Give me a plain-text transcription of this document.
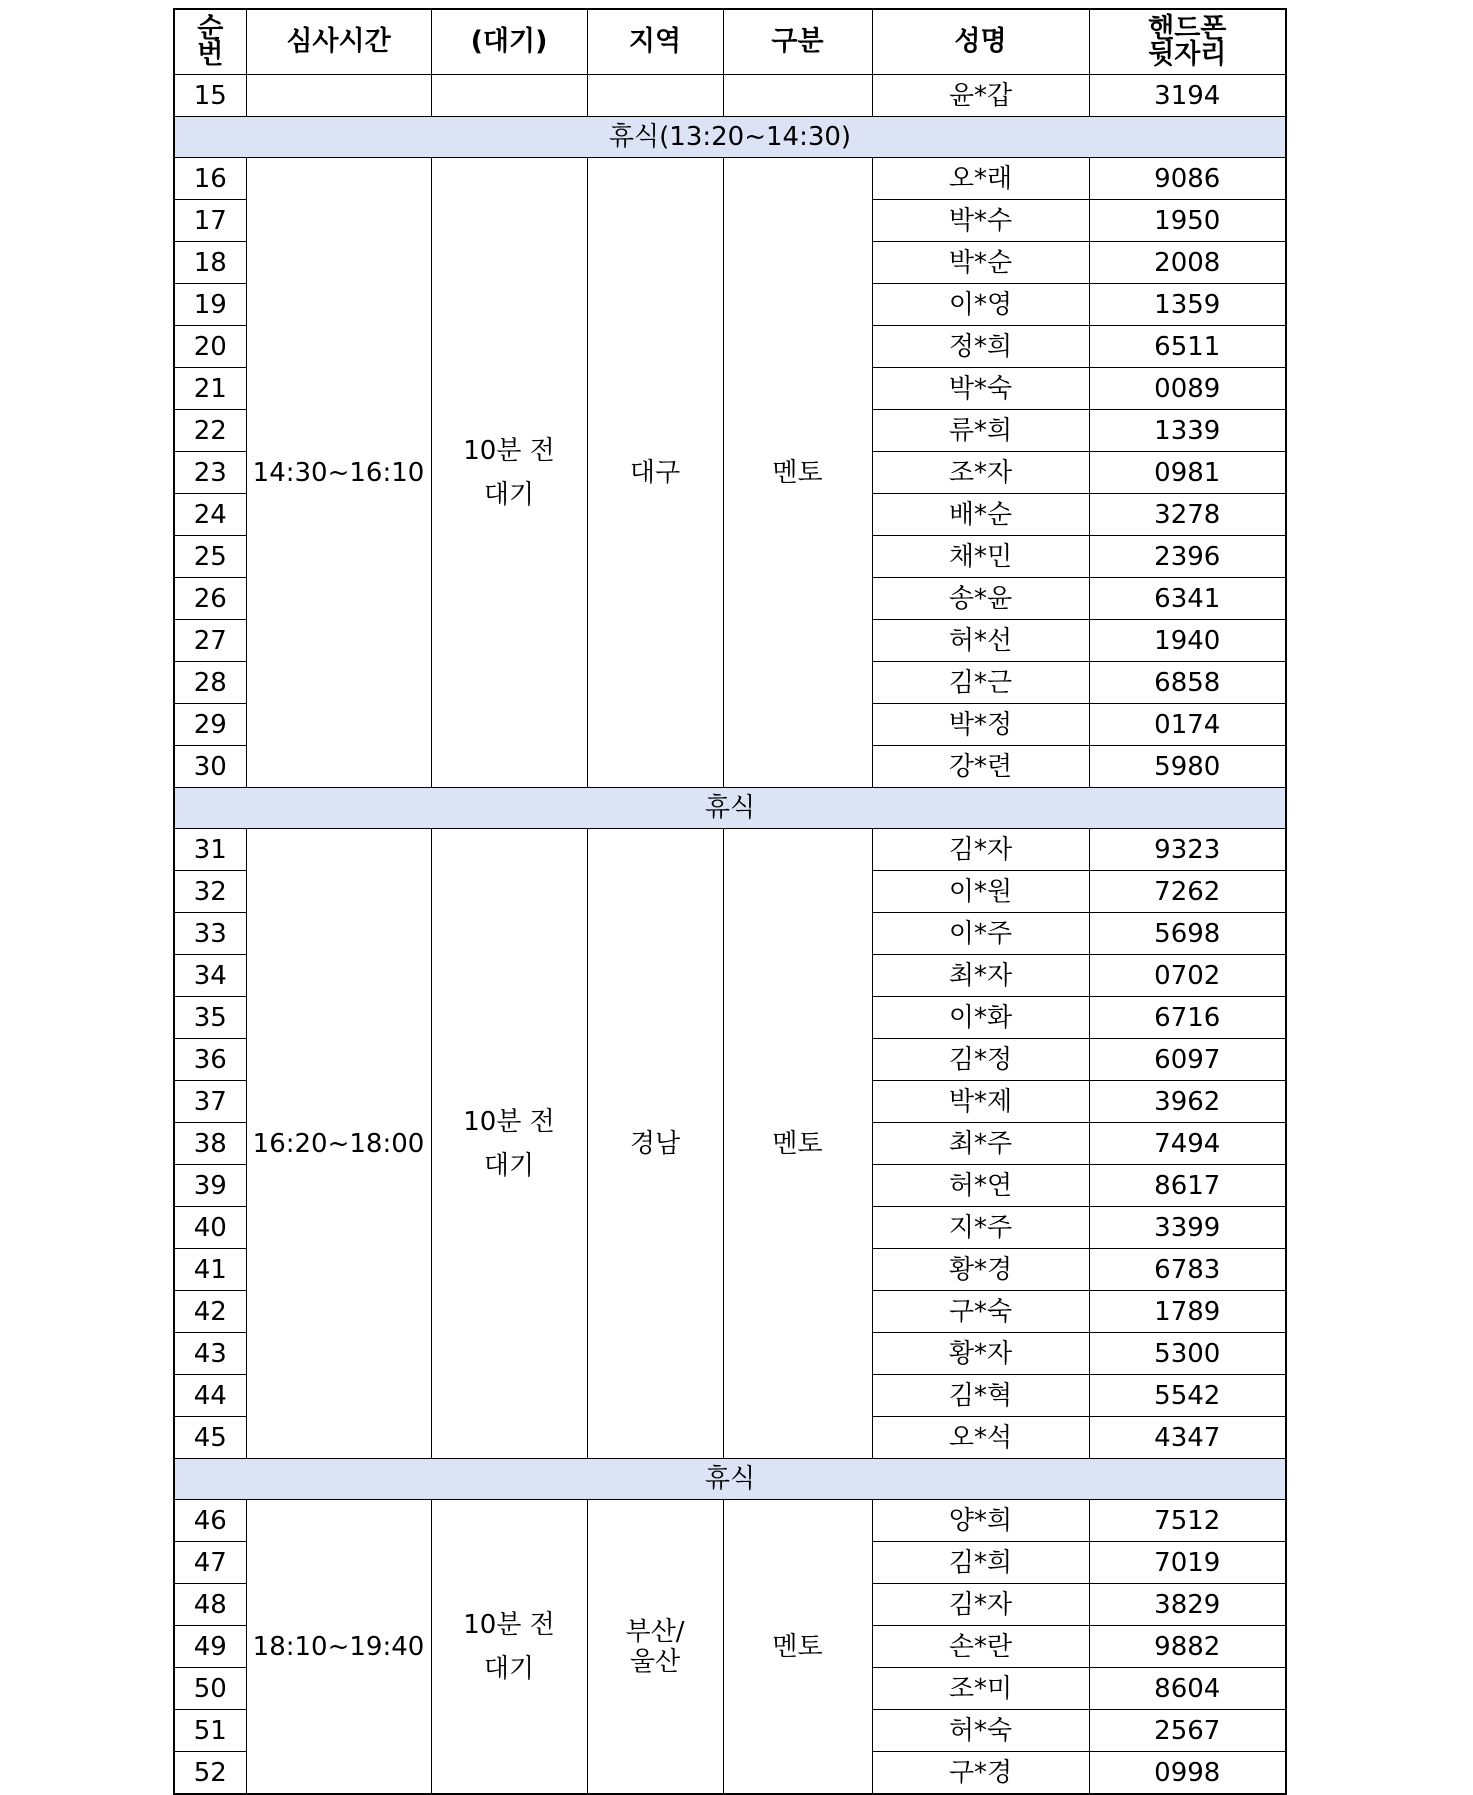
순
번	심사시간	(대기)	지역	구분	성명	핸드폰
뒷자리

15					윤*갑	3194
휴식(13:20~14:30)						
16	14:30~16:10	10분 전 대기	대구	멘토	오*래	9086
17					박*수	1950
18					박*순	2008
19					이*영	1359
20					정*희	6511
21					박*숙	0089
22					류*희	1339
23					조*자	0981
24					배*순	3278
25					채*민	2396
26					송*윤	6341
27					허*선	1940
28					김*근	6858
29					박*정	0174
30					강*련	5980
휴식						
31	16:20~18:00	10분 전 대기	경남	멘토	김*자	9323
32					이*원	7262
33					이*주	5698
34					최*자	0702
35					이*화	6716
36					김*정	6097
37					박*제	3962
38					최*주	7494
39					허*연	8617
40					지*주	3399
41					황*경	6783
42					구*숙	1789
43					황*자	5300
44					김*혁	5542
45					오*석	4347
휴식						
46	18:10~19:40	10분 전 대기	부산/울산	멘토	양*희	7512
47					김*희	7019
48					김*자	3829
49					손*란	9882
50					조*미	8604
51					허*숙	2567
52					구*경	0998
